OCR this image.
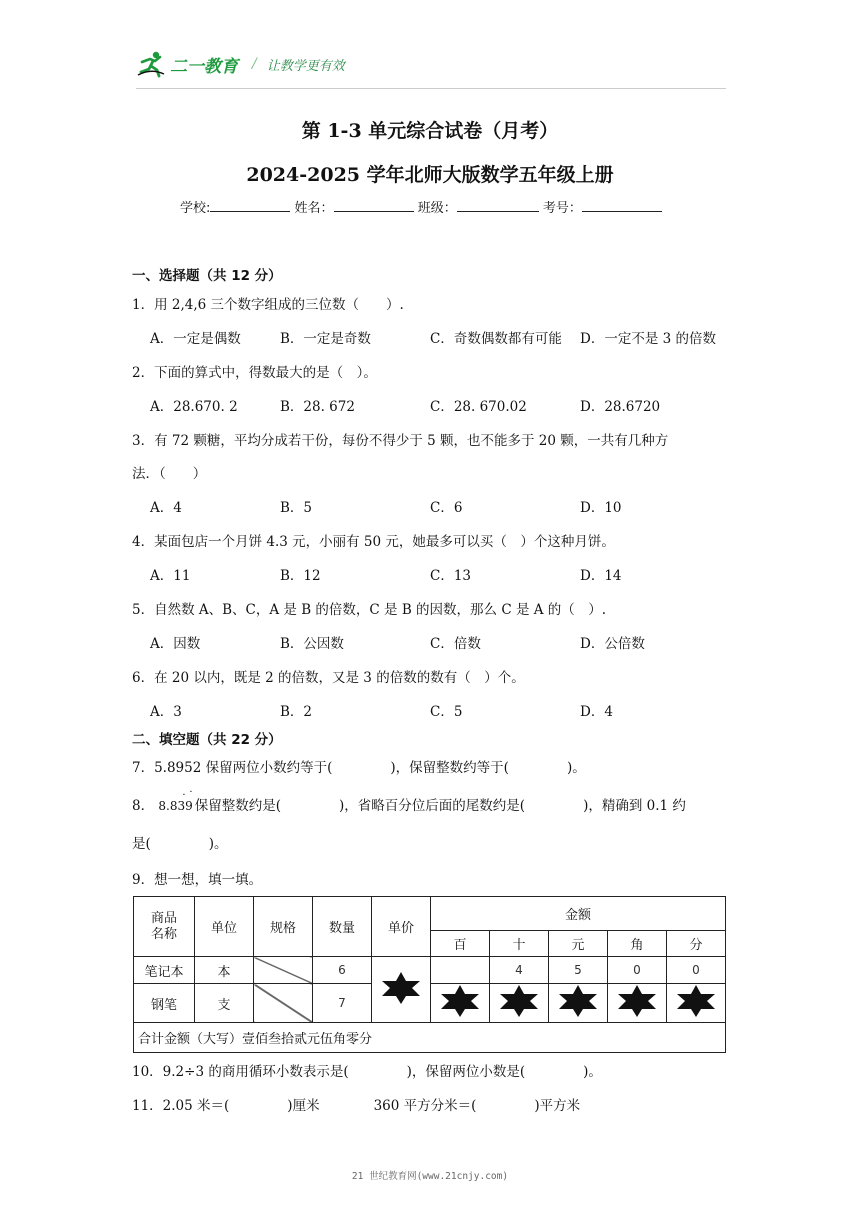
二一教育 / 让教学更有效
第 1-3 单元综合试卷（月考）
2024-2025 学年北师大版数学五年级上册
学校:	姓名：	班级：	考号：
一、选择题（共 12 分）
1．用 2,4,6 三个数字组成的三位数（　　）.
A．一定是偶数	B．一定是奇数	C．奇数偶数都有可能 D．一定不是 3 的倍数
2．下面的算式中，得数最大的是（　）。
A．28.670. 2	B．28. 672	C．28. 670.02	D．28.6720
3．有 72 颗糖，平均分成若干份，每份不得少于 5 颗，也不能多于 20 颗，一共有几种方
法．（　　）
A．4	B．5	C．6	D．10
4．某面包店一个月饼 4.3 元，小丽有 50 元，她最多可以买（　）个这种月饼。
A．11	B．12	C．13	D．14
5．自然数 A、B、C，A 是 B 的倍数，C 是 B 的因数，那么 C 是 A 的（　）.
A．因数	B．公因数	C．倍数	D．公倍数
6．在 20 以内，既是 2 的倍数，又是 3 的倍数的数有（　）个。
A．3	B．2	C．5	D．4
二、填空题（共 22 分）
7．5.8952 保留两位小数约等于(	)，保留整数约等于(	)。
8． 8.839
· ·
保留整数约是(	)，省略百分位后面的尾数约是(	)，精确到 0.1 约
是(	)。
9．想一想，填一填。
商品名称	单位	规格	数量	单价	金额				
					百	十	元	角	分
笔记本	本		6			4	5	0	0
钢笔	支		7					
合计金额（大写）壹佰叁拾贰元伍角零分									
10．9.2÷3 的商用循环小数表示是(	)，保留两位小数是(	)。
11．2.05 米＝(	)厘米	360 平方分米＝(	)平方米
21 世纪教育网(www.21cnjy.com)
